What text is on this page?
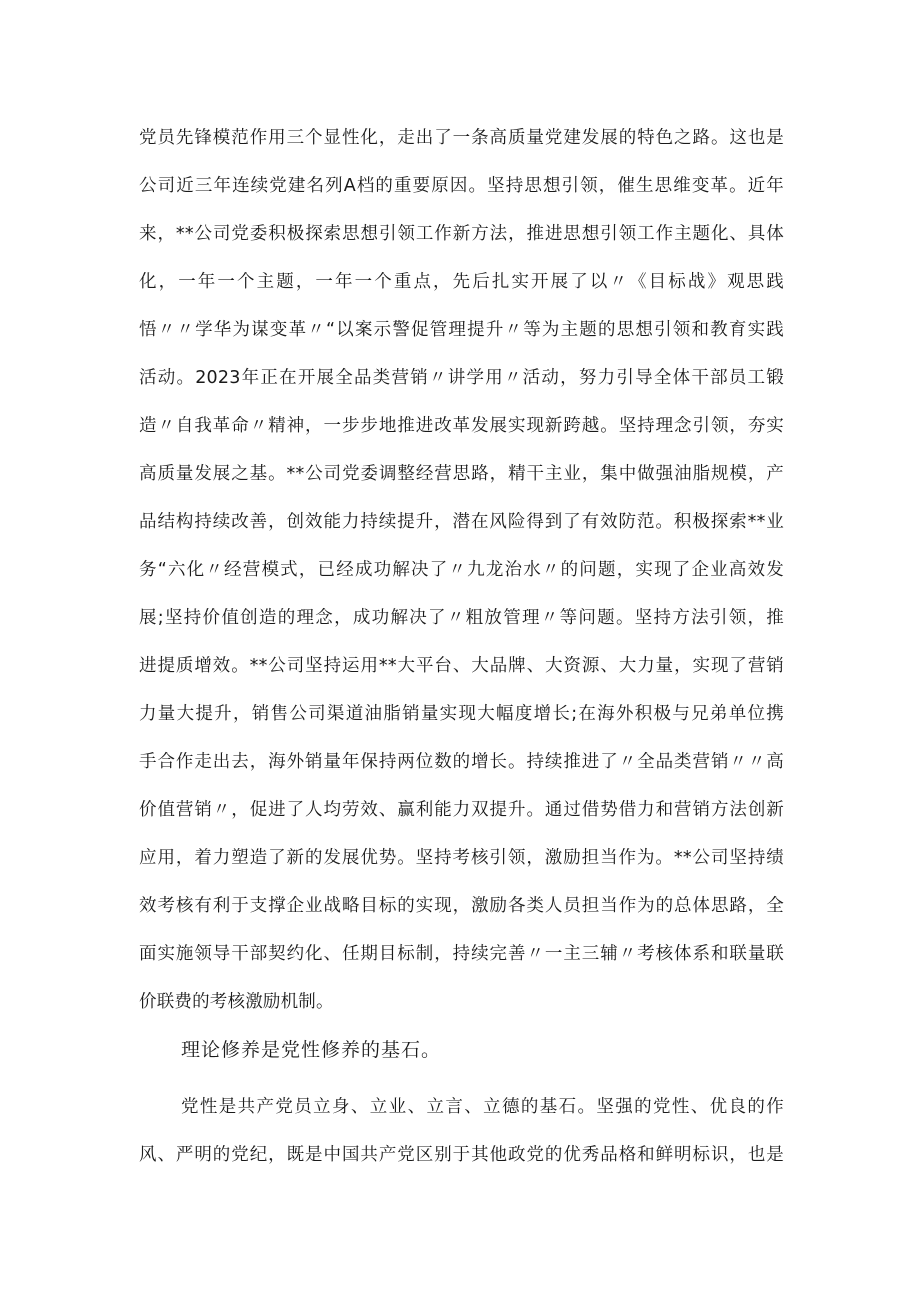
党员先锋模范作用三个显性化，走出了一条高质量党建发展的特色之路。这也是
公司近三年连续党建名列A档的重要原因。坚持思想引领，催生思维变革。近年
来，**公司党委积极探索思想引领工作新方法，推进思想引领工作主题化、具体
化，一年一个主题，一年一个重点，先后扎实开展了以〃《目标战》观思践
悟〃〃学华为谋变革〃“以案示警促管理提升〃等为主题的思想引领和教育实践
活动。2023年正在开展全品类营销〃讲学用〃活动，努力引导全体干部员工锻
造〃自我革命〃精神，一步步地推进改革发展实现新跨越。坚持理念引领，夯实
高质量发展之基。**公司党委调整经营思路，精干主业，集中做强油脂规模，产
品结构持续改善，创效能力持续提升，潜在风险得到了有效防范。积极探索**业
务“六化〃经营模式，已经成功解决了〃九龙治水〃的问题，实现了企业高效发
展;坚持价值创造的理念，成功解决了〃粗放管理〃等问题。坚持方法引领，推
进提质增效。**公司坚持运用**大平台、大品牌、大资源、大力量，实现了营销
力量大提升，销售公司渠道油脂销量实现大幅度增长;在海外积极与兄弟单位携
手合作走出去，海外销量年保持两位数的增长。持续推进了〃全品类营销〃〃高
价值营销〃，促进了人均劳效、赢利能力双提升。通过借势借力和营销方法创新
应用，着力塑造了新的发展优势。坚持考核引领，激励担当作为。**公司坚持绩
效考核有利于支撑企业战略目标的实现，激励各类人员担当作为的总体思路，全
面实施领导干部契约化、任期目标制，持续完善〃一主三辅〃考核体系和联量联
价联费的考核激励机制。
理论修养是党性修养的基石。
党性是共产党员立身、立业、立言、立德的基石。坚强的党性、优良的作
风、严明的党纪，既是中国共产党区别于其他政党的优秀品格和鲜明标识，也是
